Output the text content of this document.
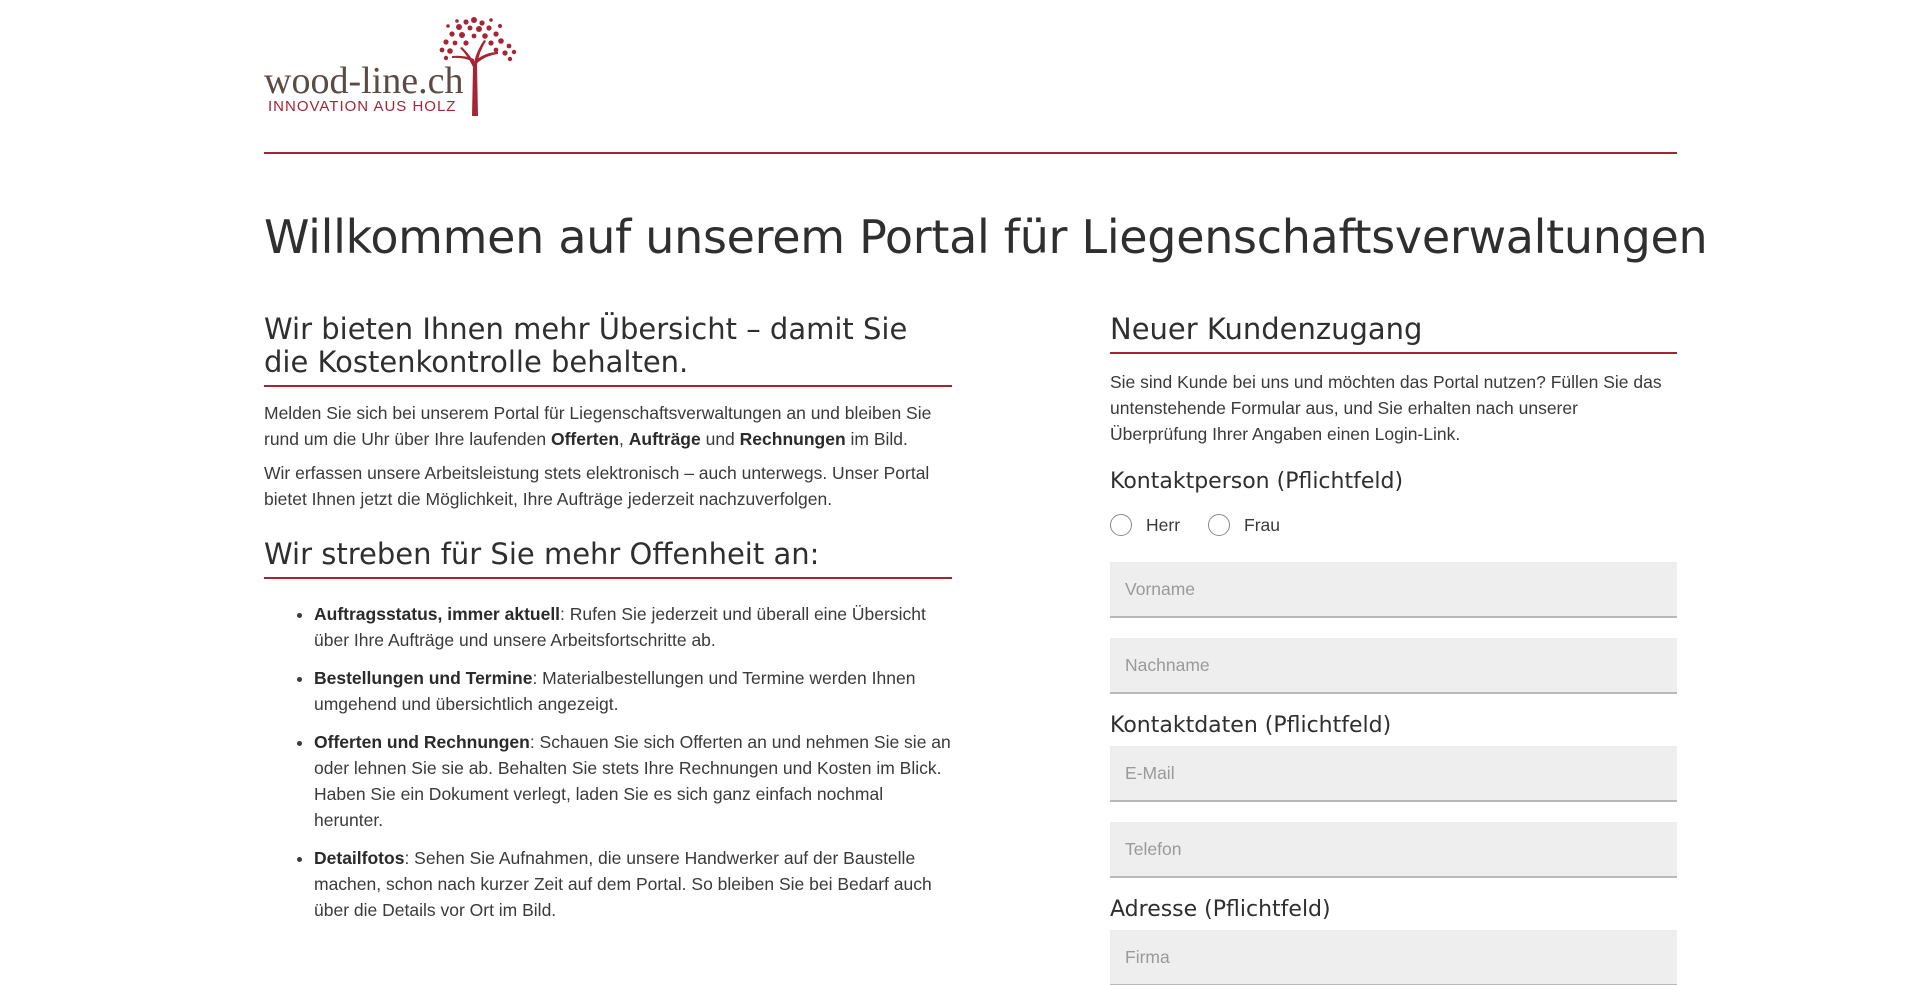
wood-line.ch
INNOVATION AUS HOLZ
Willkommen auf unserem Portal für Liegenschaftsverwaltungen
Wir bieten Ihnen mehr Übersicht – damit Sie die Kostenkontrolle behalten.

Melden Sie sich bei unserem Portal für Liegenschaftsverwaltungen an und bleiben Sie rund um die Uhr über Ihre laufenden Offerten, Aufträge und Rechnungen im Bild.

Wir erfassen unsere Arbeitsleistung stets elektronisch – auch unterwegs. Unser Portal bietet Ihnen jetzt die Möglichkeit, Ihre Aufträge jederzeit nachzuverfolgen.

Wir streben für Sie mehr Offenheit an:
• Auftragsstatus, immer aktuell: Rufen Sie jederzeit und überall eine Übersicht über Ihre Aufträge und unsere Arbeitsfortschritte ab.
• Bestellungen und Termine: Materialbestellungen und Termine werden Ihnen umgehend und übersichtlich angezeigt.
• Offerten und Rechnungen: Schauen Sie sich Offerten an und nehmen Sie sie an oder lehnen Sie sie ab. Behalten Sie stets Ihre Rechnungen und Kosten im Blick. Haben Sie ein Dokument verlegt, laden Sie es sich ganz einfach nochmal herunter.
• Detailfotos: Sehen Sie Aufnahmen, die unsere Handwerker auf der Baustelle machen, schon nach kurzer Zeit auf dem Portal. So bleiben Sie bei Bedarf auch über die Details vor Ort im Bild.
Neuer Kundenzugang

Sie sind Kunde bei uns und möchten das Portal nutzen? Füllen Sie das untenstehende Formular aus, und Sie erhalten nach unserer Überprüfung Ihrer Angaben einen Login-Link.

Kontaktperson (Pflichtfeld)
Herr	Frau
Vorname
Nachname
Kontaktdaten (Pflichtfeld)
E-Mail
Telefon
Adresse (Pflichtfeld)
Firma
